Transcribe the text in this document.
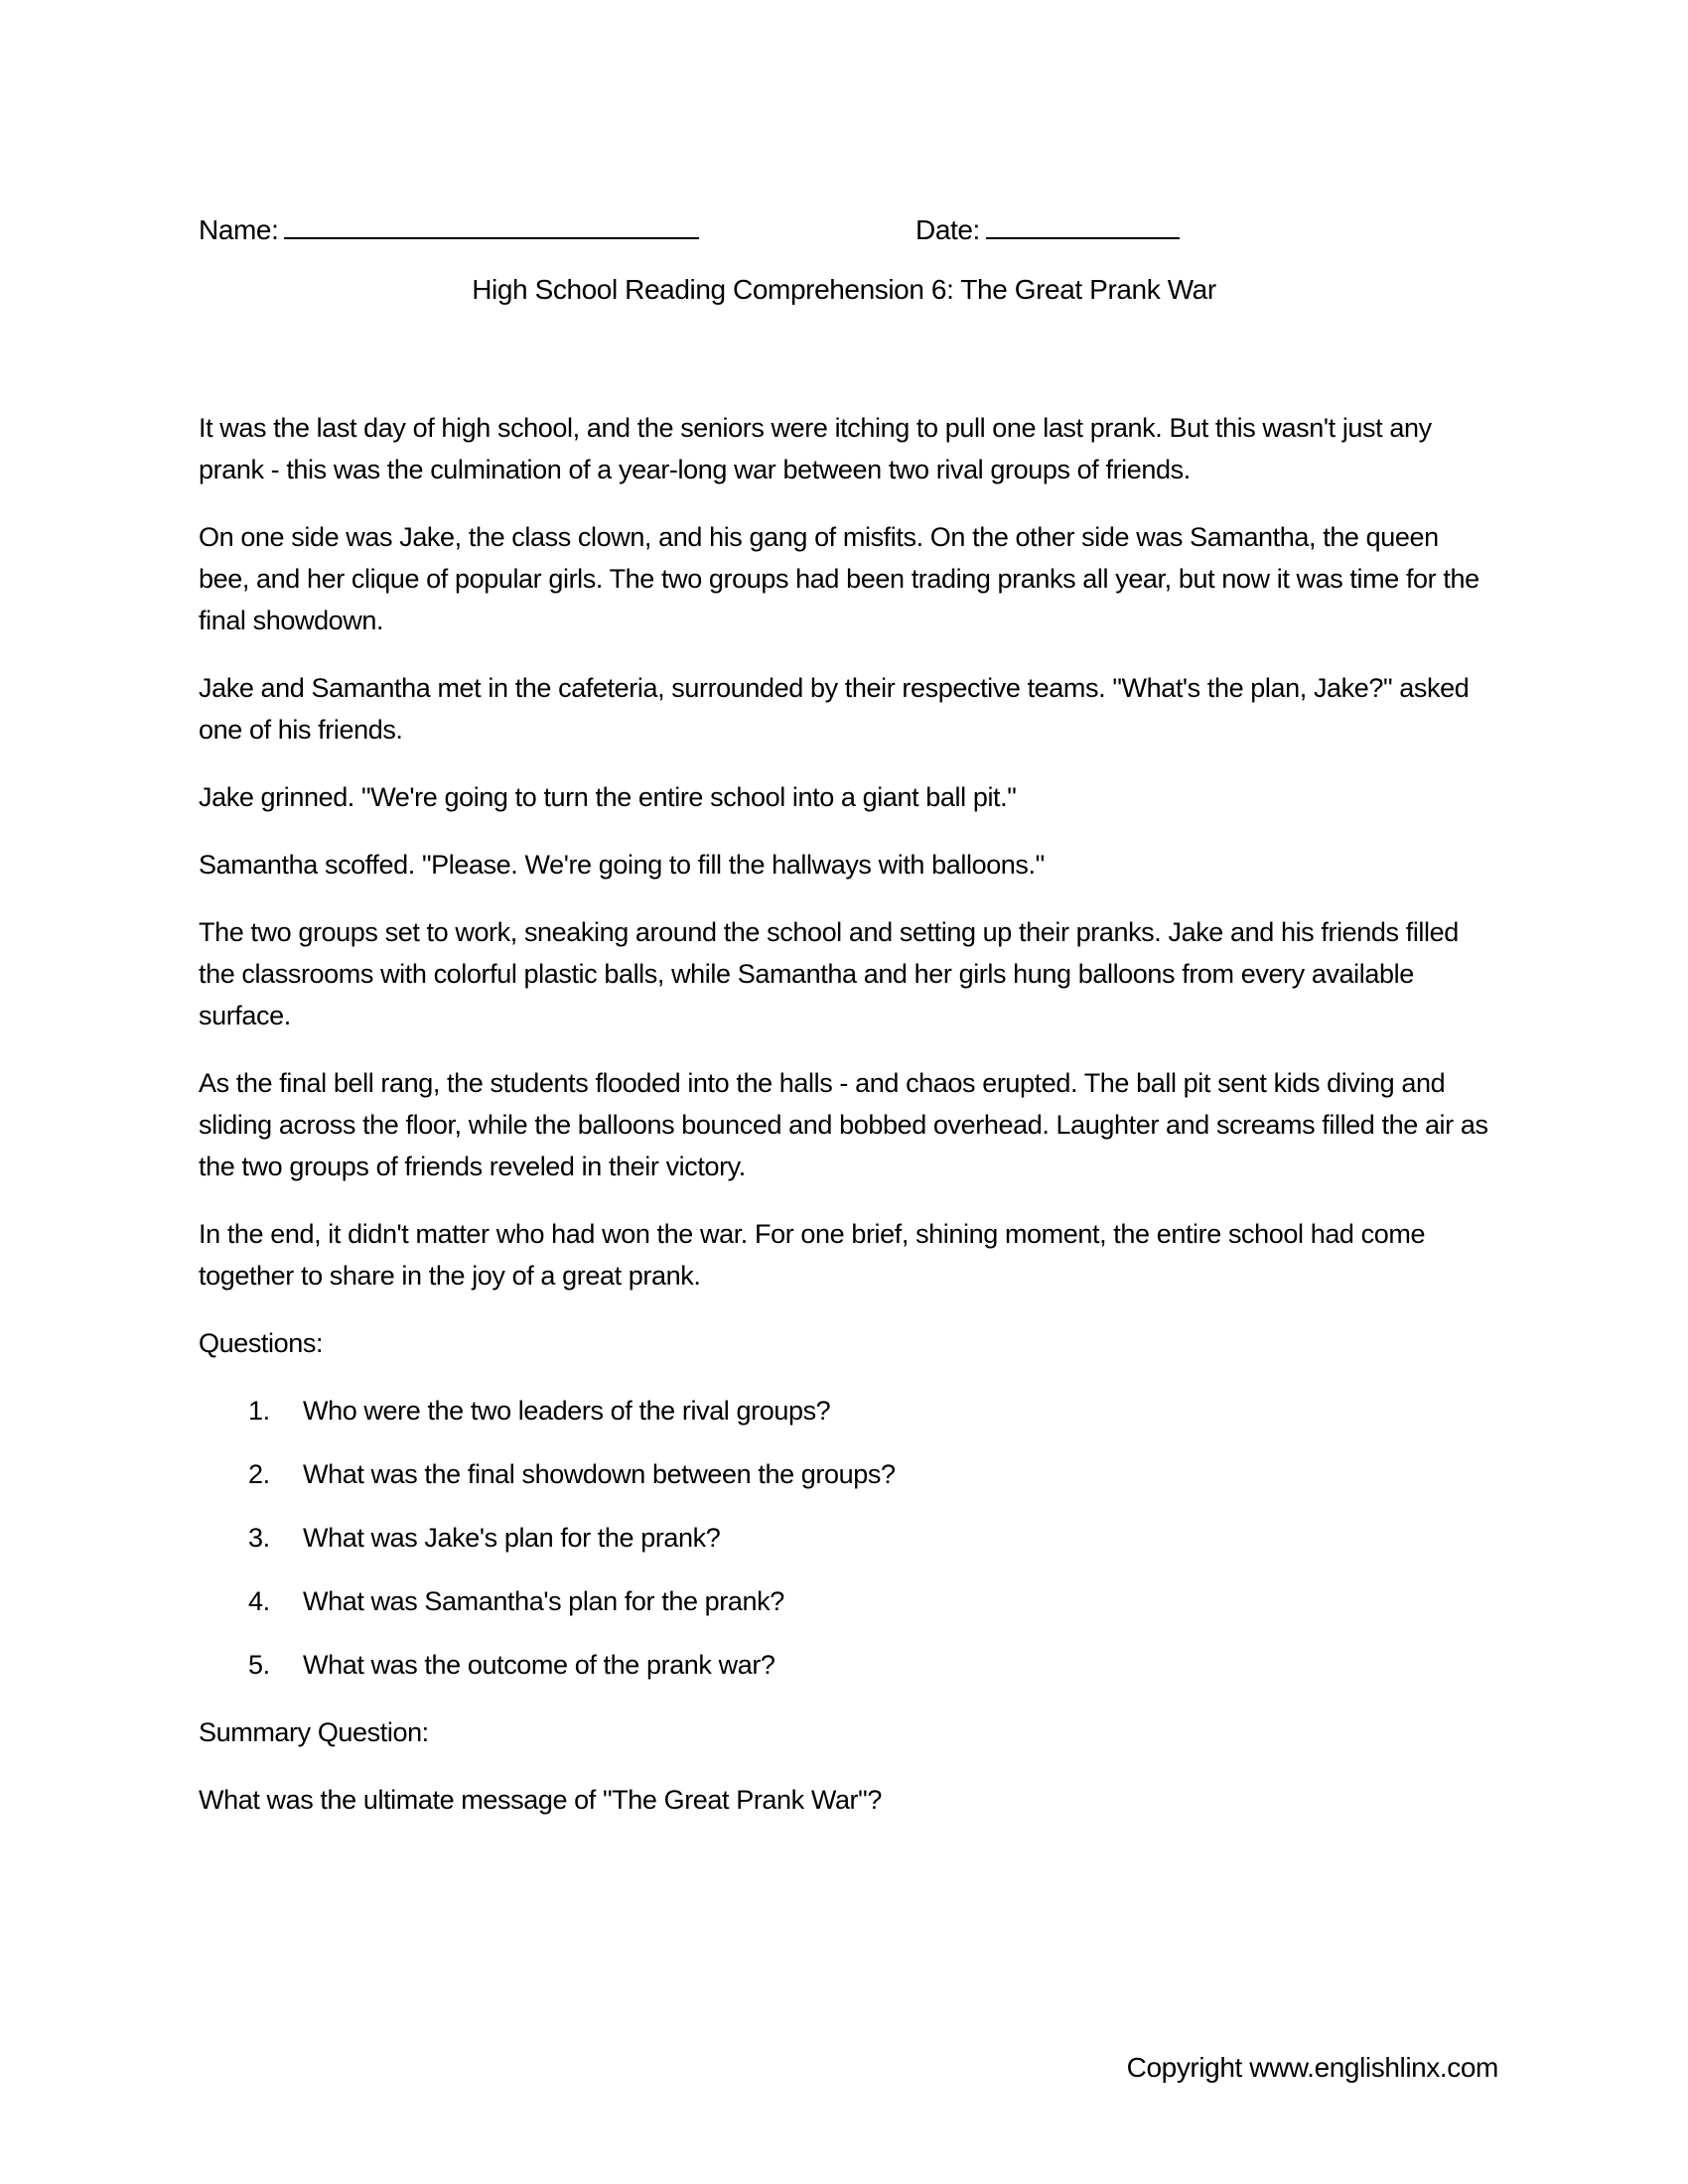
Name:	Date:
High School Reading Comprehension 6: The Great Prank War

It was the last day of high school, and the seniors were itching to pull one last prank. But this wasn't just any prank - this was the culmination of a year-long war between two rival groups of friends.

On one side was Jake, the class clown, and his gang of misfits. On the other side was Samantha, the queen bee, and her clique of popular girls. The two groups had been trading pranks all year, but now it was time for the final showdown.

Jake and Samantha met in the cafeteria, surrounded by their respective teams. "What's the plan, Jake?" asked one of his friends.

Jake grinned. "We're going to turn the entire school into a giant ball pit."

Samantha scoffed. "Please. We're going to fill the hallways with balloons."

The two groups set to work, sneaking around the school and setting up their pranks. Jake and his friends filled the classrooms with colorful plastic balls, while Samantha and her girls hung balloons from every available surface.

As the final bell rang, the students flooded into the halls - and chaos erupted. The ball pit sent kids diving and sliding across the floor, while the balloons bounced and bobbed overhead. Laughter and screams filled the air as the two groups of friends reveled in their victory.

In the end, it didn't matter who had won the war. For one brief, shining moment, the entire school had come together to share in the joy of a great prank.

Questions:
1.	Who were the two leaders of the rival groups?
2.	What was the final showdown between the groups?
3.	What was Jake's plan for the prank?
4.	What was Samantha's plan for the prank?
5.	What was the outcome of the prank war?
Summary Question:

What was the ultimate message of "The Great Prank War"?

Copyright www.englishlinx.com
